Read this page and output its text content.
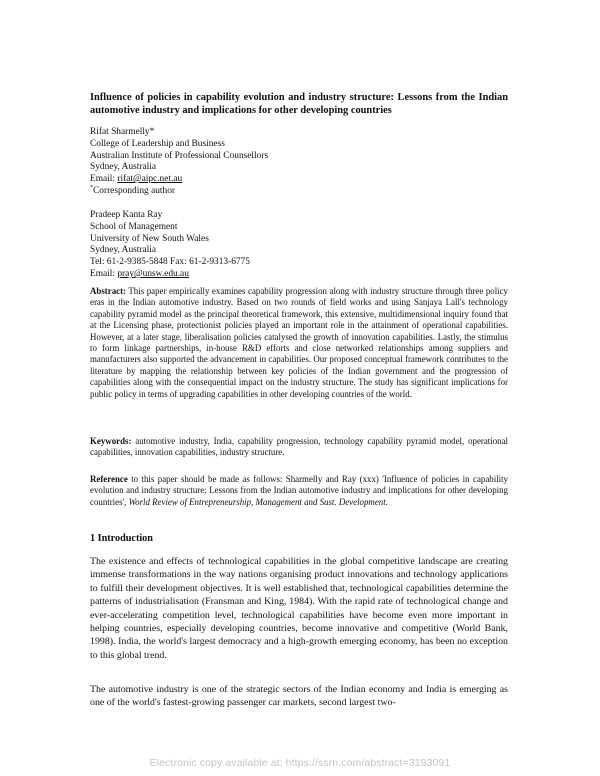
Influence of policies in capability evolution and industry structure: Lessons from the Indian automotive industry and implications for other developing countries
Rifat Sharmelly*
College of Leadership and Business
Australian Institute of Professional Counsellors
Sydney, Australia
Email: rifat@aipc.net.au
*Corresponding author
Pradeep Kanta Ray
School of Management
University of New South Wales
Sydney, Australia
Tel: 61-2-9385-5848 Fax: 61-2-9313-6775
Email: pray@unsw.edu.au

Abstract: This paper empirically examines capability progression along with industry structure through three policy eras in the Indian automotive industry. Based on two rounds of field works and using Sanjaya Lall's technology capability pyramid model as the principal theoretical framework, this extensive, multidimensional inquiry found that at the Licensing phase, protectionist policies played an important role in the attainment of operational capabilities. However, at a later stage, liberalisation policies catalysed the growth of innovation capabilities. Lastly, the stimulus to form linkage partnerships, in-house R&D efforts and close networked relationships among suppliers and manufacturers also supported the advancement in capabilities. Our proposed conceptual framework contributes to the literature by mapping the relationship between key policies of the Indian government and the progression of capabilities along with the consequential impact on the industry structure. The study has significant implications for public policy in terms of upgrading capabilities in other developing countries of the world.

Keywords: automotive industry, India, capability progression, technology capability pyramid model, operational capabilities, innovation capabilities, industry structure.

Reference to this paper should be made as follows: Sharmelly and Ray (xxx) 'Influence of policies in capability evolution and industry structure: Lessons from the Indian automotive industry and implications for other developing countries', World Review of Entrepreneurship, Management and Sust. Development.

1 Introduction

The existence and effects of technological capabilities in the global competitive landscape are creating immense transformations in the way nations organising product innovations and technology applications to fulfill their development objectives. It is well established that, technological capabilities determine the patterns of industrialisation (Fransman and King, 1984). With the rapid rate of technological change and ever-accelerating competition level, technological capabilities have become even more important in helping countries, especially developing countries, become innovative and competitive (World Bank, 1998). India, the world's largest democracy and a high-growth emerging economy, has been no exception to this global trend.

The automotive industry is one of the strategic sectors of the Indian economy and India is emerging as one of the world's fastest-growing passenger car markets, second largest two-

Electronic copy available at: https://ssrn.com/abstract=3193091
